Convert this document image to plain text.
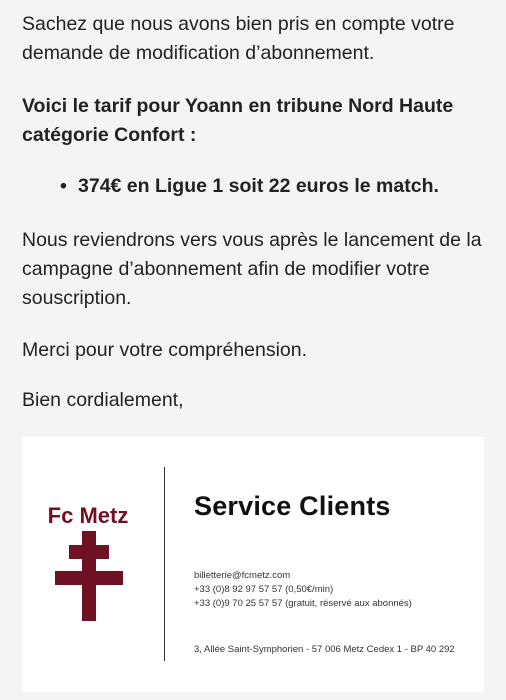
Sachez que nous avons bien pris en compte votre demande de modification d’abonnement.

Voici le tarif pour Yoann en tribune Nord Haute catégorie Confort :

• 374€ en Ligue 1 soit 22 euros le match.

Nous reviendrons vers vous après le lancement de la campagne d’abonnement afin de modifier votre souscription.

Merci pour votre compréhension.

Bien cordialement,

Fc Metz	Service Clients
billetterie@fcmetz.com
+33 (0)8 92 97 57 57 (0,50€/min)
+33 (0)9 70 25 57 57 (gratuit, réservé aux abonnés)
3, Allée Saint-Symphorien - 57 006 Metz Cedex 1 - BP 40 292
